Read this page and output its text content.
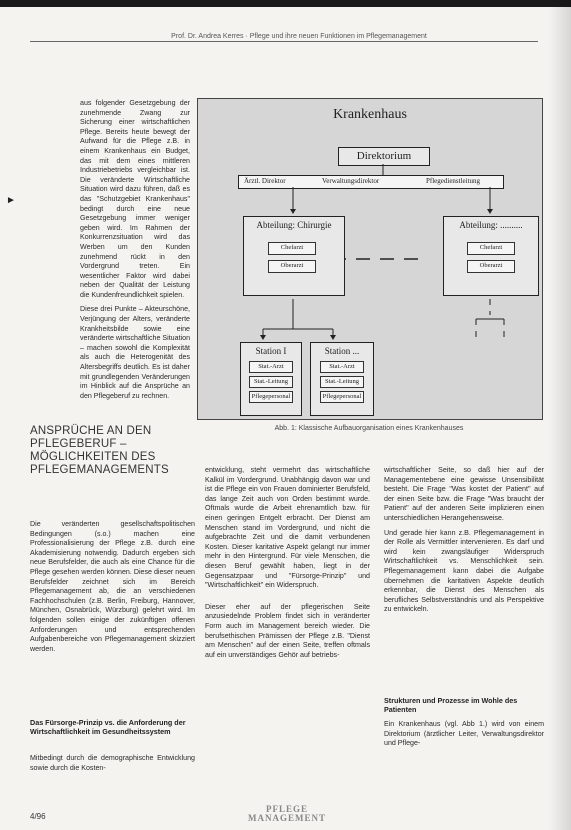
Prof. Dr. Andrea Kerres · Pflege und ihre neuen Funktionen im Pflegemanagement
►

aus folgender Gesetzgebung der zunehmende Zwang zur Sicherung einer wirtschaftlichen Pflege. Bereits heute bewegt der Aufwand für die Pflege z.B. in einem Krankenhaus ein Budget, das mit dem eines mittleren Industriebetriebs vergleichbar ist. Die veränderte Wirtschaftliche Situation wird dazu führen, daß es das "Schutzgebiet Krankenhaus" bedingt durch eine neue Gesetzgebung immer weniger geben wird. Im Rahmen der Konkurrenzsituation wird das Werben um den Kunden zunehmend rückt in den Vordergrund treten. Ein wesentlicher Faktor wird dabei neben der Qualität der Leistung die Kundenfreundlichkeit spielen.

Diese drei Punkte – Akteurschöne, Verjüngung der Alters, veränderte Krankheitsbilde sowie eine veränderte wirtschaftliche Situation – machen sowohl die Komplexität als auch die Heterogenität des Altersbegriffs deutlich. Es ist daher mit grundlegenden Veränderungen im Hinblick auf die Ansprüche an den Pflegeberuf zu rechnen.

Krankenhaus
Direktorium
Ärztl. Direktor	Verwaltungsdirektor	Pflegedienstleitung
Abteilung: Chirurgie
Chefarzt
Oberarzt
Abteilung: ..........
Chefarzt
Oberarzt
Station I
Stat.-Arzt
Stat.-Leitung
Pflegepersonal
Station ...
Stat.-Arzt
Stat.-Leitung
Pflegepersonal
ANSPRÜCHE AN DEN PFLEGEBERUF – MÖGLICHKEITEN DES PFLEGEMANAGEMENTS
Abb. 1: Klassische Aufbauorganisation eines Krankenhauses

Die veränderten gesellschaftspolitischen Bedingungen (s.o.) machen eine Professionalisierung der Pflege z.B. durch eine Akademisierung notwendig. Dadurch ergeben sich neue Berufsfelder, die auch als eine Chance für die Pflege gesehen werden können. Diese dieser neuen Berufsfelder zeichnet sich im Bereich Pflegemanagement ab, die an verschiedenen Fachhochschulen (z.B. Berlin, Freiburg, Hannover, München, Osnabrück, Würzburg) gelehrt wird. Im folgenden sollen einige der zukünftigen offenen Anforderungen und entsprechenden Aufgabenbereiche von Pflegemanagement skizziert werden.

Das Fürsorge-Prinzip vs. die Anforderung der Wirtschaftlichkeit im Gesundheitssystem

Mitbedingt durch die demographische Entwicklung sowie durch die Kosten-

entwicklung, steht vermehrt das wirtschaftliche Kalkül im Vordergrund. Unabhängig davon war und ist die Pflege ein von Frauen dominierter Berufsfeld, das lange Zeit auch von Orden bestimmt wurde. Oftmals wurde die Arbeit ehrenamtlich bzw. für einen geringen Entgelt erbracht. Der Dienst am Menschen stand im Vordergrund, und nicht die aufgebrachte Zeit und die damit verbundenen Kosten. Dieser karitative Aspekt gelangt nur immer mehr in den Hintergrund. Für viele Menschen, die diesen Beruf gewählt haben, liegt in der Gegensatzpaar und "Fürsorge-Prinzip" und "Wirtschaftlichkeit" ein Widerspruch.

Dieser eher auf der pflegerischen Seite anzusiedelnde Problem findet sich in veränderter Form auch im Management bereich wieder. Die berufsethischen Prämissen der Pflege z.B. "Dienst am Menschen" auf der einen Seite, treffen oftmals auf ein unverständiges Gehör auf betriebs-

wirtschaftlicher Seite, so daß hier auf der Managementebene eine gewisse Unsensibilität besteht. Die Frage "Was kostet der Patient" auf der einen Seite bzw. die Frage "Was braucht der Patient" auf der anderen Seite implizieren einen unterschiedlichen Herangehensweise.

Und gerade hier kann z.B. Pflegemanagement in der Rolle als Vermittler intervenieren. Es darf und wird kein zwangsläufiger Widerspruch Wirtschaftlichkeit vs. Menschlichkeit sein. Pflegemanagement kann dabei die Aufgabe übernehmen die karitativen Aspekte deutlich erkennbar, die Dienst des Menschen als berufliches Selbstverständnis und als Perspektive zu entwickeln.

Strukturen und Prozesse im Wohle des Patienten

Ein Krankenhaus (vgl. Abb 1.) wird von einem Direktorium (ärztlicher Leiter, Verwaltungsdirektor und Pflege-

4/96
PFLEGE
MANAGEMENT
